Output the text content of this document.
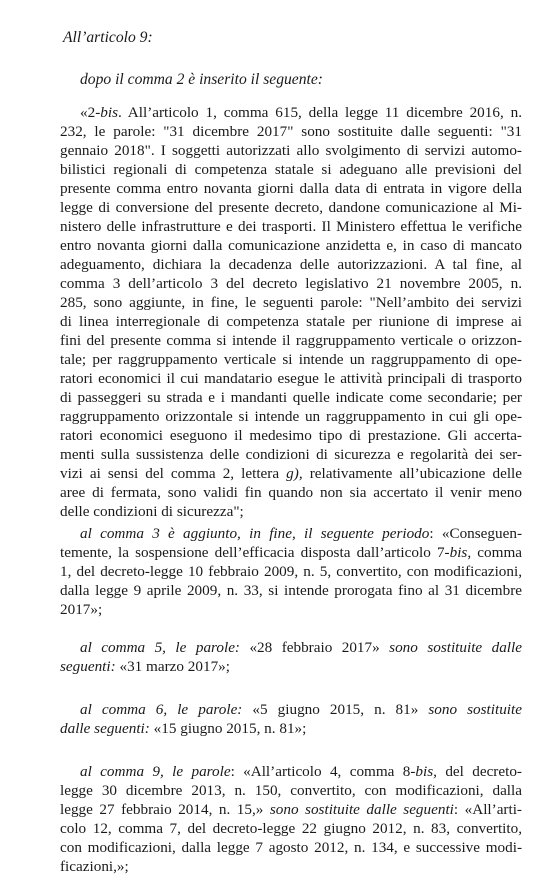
All’articolo 9:
dopo il comma 2 è inserito il seguente:
«2-bis. All’articolo 1, comma 615, della legge 11 dicembre 2016, n.
232, le parole: "31 dicembre 2017" sono sostituite dalle seguenti: "31
gennaio 2018". I soggetti autorizzati allo svolgimento di servizi automo-
bilistici regionali di competenza statale si adeguano alle previsioni del
presente comma entro novanta giorni dalla data di entrata in vigore della
legge di conversione del presente decreto, dandone comunicazione al Mi-
nistero delle infrastrutture e dei trasporti. Il Ministero effettua le verifiche
entro novanta giorni dalla comunicazione anzidetta e, in caso di mancato
adeguamento, dichiara la decadenza delle autorizzazioni. A tal fine, al
comma 3 dell’articolo 3 del decreto legislativo 21 novembre 2005, n.
285, sono aggiunte, in fine, le seguenti parole: "Nell’ambito dei servizi
di linea interregionale di competenza statale per riunione di imprese ai
fini del presente comma si intende il raggruppamento verticale o orizzon-
tale; per raggruppamento verticale si intende un raggruppamento di ope-
ratori economici il cui mandatario esegue le attività principali di trasporto
di passeggeri su strada e i mandanti quelle indicate come secondarie; per
raggruppamento orizzontale si intende un raggruppamento in cui gli ope-
ratori economici eseguono il medesimo tipo di prestazione. Gli accerta-
menti sulla sussistenza delle condizioni di sicurezza e regolarità dei ser-
vizi ai sensi del comma 2, lettera g), relativamente all’ubicazione delle
aree di fermata, sono validi fin quando non sia accertato il venir meno
delle condizioni di sicurezza";
al comma 3 è aggiunto, in fine, il seguente periodo: «Conseguen-
temente, la sospensione dell’efficacia disposta dall’articolo 7-bis, comma
1, del decreto-legge 10 febbraio 2009, n. 5, convertito, con modificazioni,
dalla legge 9 aprile 2009, n. 33, si intende prorogata fino al 31 dicembre
2017»;
al comma 5, le parole: «28 febbraio 2017» sono sostituite dalle
seguenti: «31 marzo 2017»;
al comma 6, le parole: «5 giugno 2015, n. 81» sono sostituite
dalle seguenti: «15 giugno 2015, n. 81»;
al comma 9, le parole: «All’articolo 4, comma 8-bis, del decreto-
legge 30 dicembre 2013, n. 150, convertito, con modificazioni, dalla
legge 27 febbraio 2014, n. 15,» sono sostituite dalle seguenti: «All’arti-
colo 12, comma 7, del decreto-legge 22 giugno 2012, n. 83, convertito,
con modificazioni, dalla legge 7 agosto 2012, n. 134, e successive modi-
ficazioni,»;
